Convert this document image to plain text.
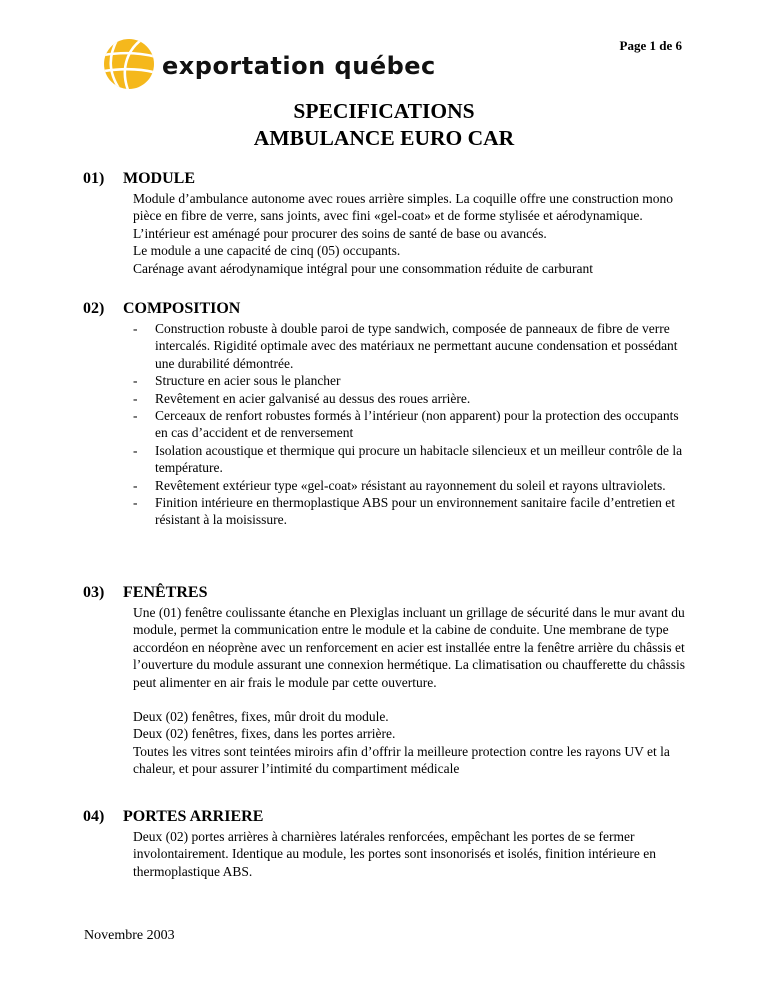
Page 1 de 6
exportation québec
SPECIFICATIONS
AMBULANCE EURO CAR
01) MODULE

Module d’ambulance autonome avec roues arrière simples. La coquille offre une construction mono pièce en fibre de verre, sans joints, avec fini «gel-coat» et de forme stylisée et aérodynamique. L’intérieur est aménagé pour procurer des soins de santé de base ou avancés.

Le module a une capacité de cinq (05) occupants.

Carénage avant aérodynamique intégral pour une consommation réduite de carburant

02) COMPOSITION
-	Construction robuste à double paroi de type sandwich, composée de panneaux de fibre de verre intercalés. Rigidité optimale avec des matériaux ne permettant aucune condensation et possédant une durabilité démontrée.
-	Structure en acier sous le plancher
-	Revêtement en acier galvanisé au dessus des roues arrière.
-	Cerceaux de renfort robustes formés à l’intérieur (non apparent) pour la protection des occupants en cas d’accident et de renversement
-	Isolation acoustique et thermique qui procure un habitacle silencieux et un meilleur contrôle de la température.
-	Revêtement extérieur type «gel-coat» résistant au rayonnement du soleil et rayons ultraviolets.
-	Finition intérieure en thermoplastique ABS pour un environnement sanitaire facile d’entretien et résistant à la moisissure.
03) FENÊTRES

Une (01) fenêtre coulissante étanche en Plexiglas incluant un grillage de sécurité dans le mur avant du module, permet la communication entre le module et la cabine de conduite. Une membrane de type accordéon en néoprène avec un renforcement en acier est installée entre la fenêtre arrière du châssis et l’ouverture du module assurant une connexion hermétique. La climatisation ou chaufferette du châssis peut alimenter en air frais le module par cette ouverture.

Deux (02) fenêtres, fixes, mûr droit du module.

Deux (02) fenêtres, fixes, dans les portes arrière.

Toutes les vitres sont teintées miroirs afin d’offrir la meilleure protection contre les rayons UV et la chaleur, et pour assurer l’intimité du compartiment médicale

04) PORTES ARRIERE

Deux (02) portes arrières à charnières latérales renforcées, empêchant les portes de se fermer involontairement. Identique au module, les portes sont insonorisés et isolés, finition intérieure en thermoplastique ABS.

Novembre 2003
